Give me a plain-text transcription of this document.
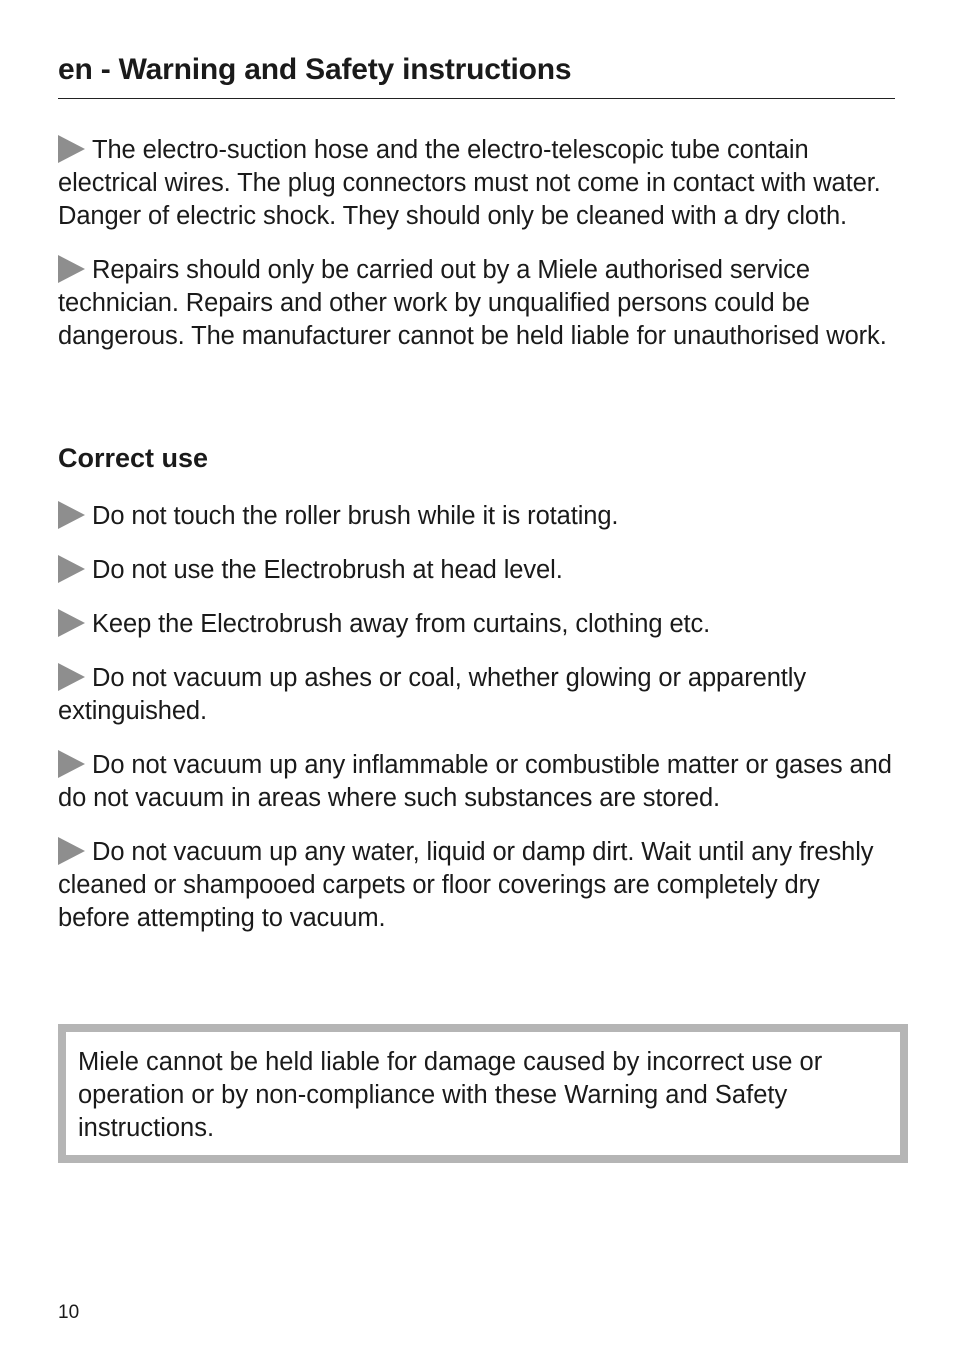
en - Warning and Safety instructions

The electro-suction hose and the electro-telescopic tube contain electrical wires. The plug connectors must not come in contact with water. Danger of electric shock. They should only be cleaned with a dry cloth.

Repairs should only be carried out by a Miele authorised service technician. Repairs and other work by unqualified persons could be dangerous. The manufacturer cannot be held liable for unauthorised work.

Correct use

Do not touch the roller brush while it is rotating.

Do not use the Electrobrush at head level.

Keep the Electrobrush away from curtains, clothing etc.

Do not vacuum up ashes or coal, whether glowing or apparently extinguished.

Do not vacuum up any inflammable or combustible matter or gases and do not vacuum in areas where such substances are stored.

Do not vacuum up any water, liquid or damp dirt. Wait until any freshly cleaned or shampooed carpets or floor coverings are completely dry before attempting to vacuum.

Miele cannot be held liable for damage caused by incorrect use or operation or by non-compliance with these Warning and Safety instructions.

10
